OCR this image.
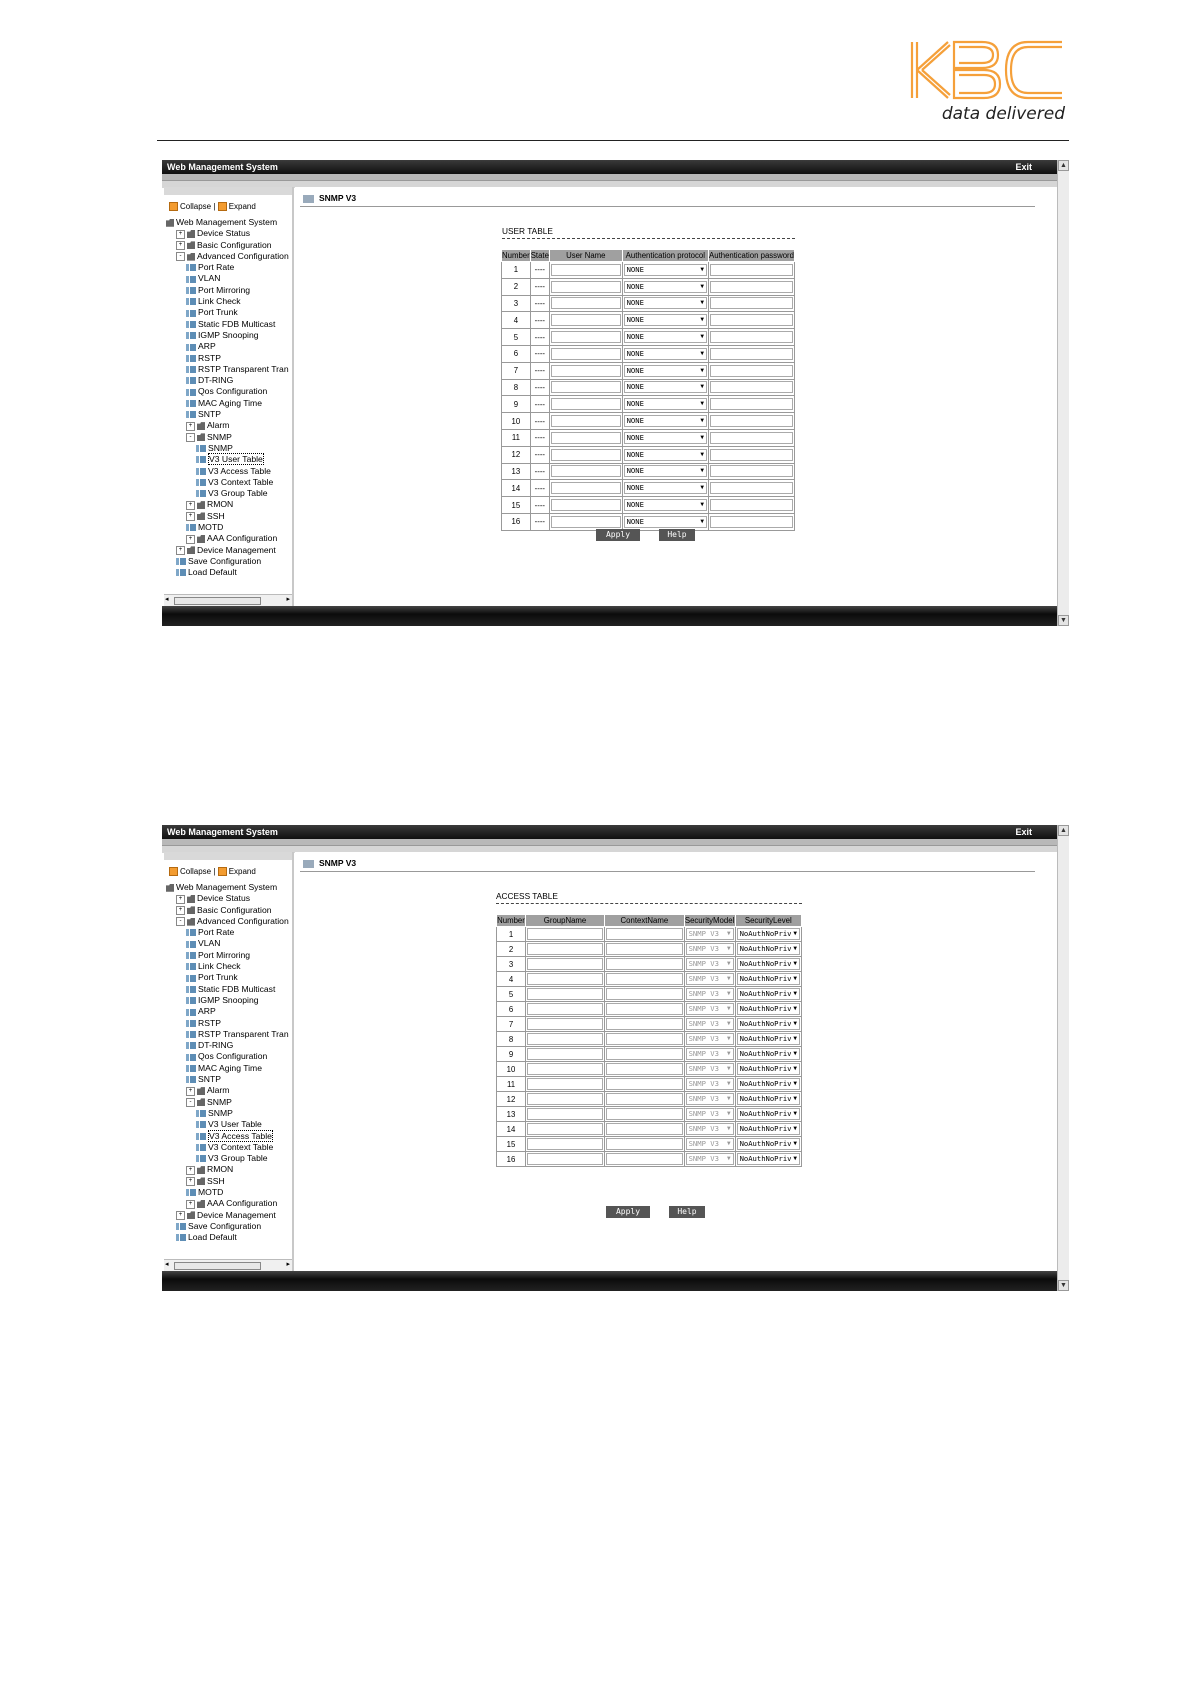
data delivered
Web Management System	Exit
Collapse | Expand
Web Management System
+ Device Status
+ Basic Configuration
- Advanced Configuration
Port Rate
VLAN
Port Mirroring
Link Check
Port Trunk
Static FDB Multicast
IGMP Snooping
ARP
RSTP
RSTP Transparent Tran
DT-RING
Qos Configuration
MAC Aging Time
SNTP
+ Alarm
- SNMP
SNMP
V3 User Table
V3 Access Table
V3 Context Table
V3 Group Table
+ RMON
+ SSH
MOTD
+ AAA Configuration
+ Device Management
Save Configuration
Load Default
◂	▸
SNMP V3
USER TABLE
Number	State	User Name	Authentication protocol	Authentication password
1	----		NONE ▼	

2	----		NONE ▼	

3	----		NONE ▼	

4	----		NONE ▼	

5	----		NONE ▼	

6	----		NONE ▼	

7	----		NONE ▼	

8	----		NONE ▼	

9	----		NONE ▼	

10	----		NONE ▼	

11	----		NONE ▼	

12	----		NONE ▼	

13	----		NONE ▼	

14	----		NONE ▼	

15	----		NONE ▼	

16	----		NONE ▼	

Apply	Help
▲
▼
Web Management System	Exit
Collapse | Expand
Web Management System
+ Device Status
+ Basic Configuration
- Advanced Configuration
Port Rate
VLAN
Port Mirroring
Link Check
Port Trunk
Static FDB Multicast
IGMP Snooping
ARP
RSTP
RSTP Transparent Tran
DT-RING
Qos Configuration
MAC Aging Time
SNTP
+ Alarm
- SNMP
SNMP
V3 User Table
V3 Access Table
V3 Context Table
V3 Group Table
+ RMON
+ SSH
MOTD
+ AAA Configuration
+ Device Management
Save Configuration
Load Default
◂	▸
SNMP V3
ACCESS TABLE
Number	GroupName	ContextName	SecurityModel	SecurityLevel
1			SNMP V3 ▼	NoAuthNoPriv ▼

2			SNMP V3 ▼	NoAuthNoPriv ▼

3			SNMP V3 ▼	NoAuthNoPriv ▼

4			SNMP V3 ▼	NoAuthNoPriv ▼

5			SNMP V3 ▼	NoAuthNoPriv ▼

6			SNMP V3 ▼	NoAuthNoPriv ▼

7			SNMP V3 ▼	NoAuthNoPriv ▼

8			SNMP V3 ▼	NoAuthNoPriv ▼

9			SNMP V3 ▼	NoAuthNoPriv ▼

10			SNMP V3 ▼	NoAuthNoPriv ▼

11			SNMP V3 ▼	NoAuthNoPriv ▼

12			SNMP V3 ▼	NoAuthNoPriv ▼

13			SNMP V3 ▼	NoAuthNoPriv ▼

14			SNMP V3 ▼	NoAuthNoPriv ▼

15			SNMP V3 ▼	NoAuthNoPriv ▼

16			SNMP V3 ▼	NoAuthNoPriv ▼
Apply	Help
▲
▼
